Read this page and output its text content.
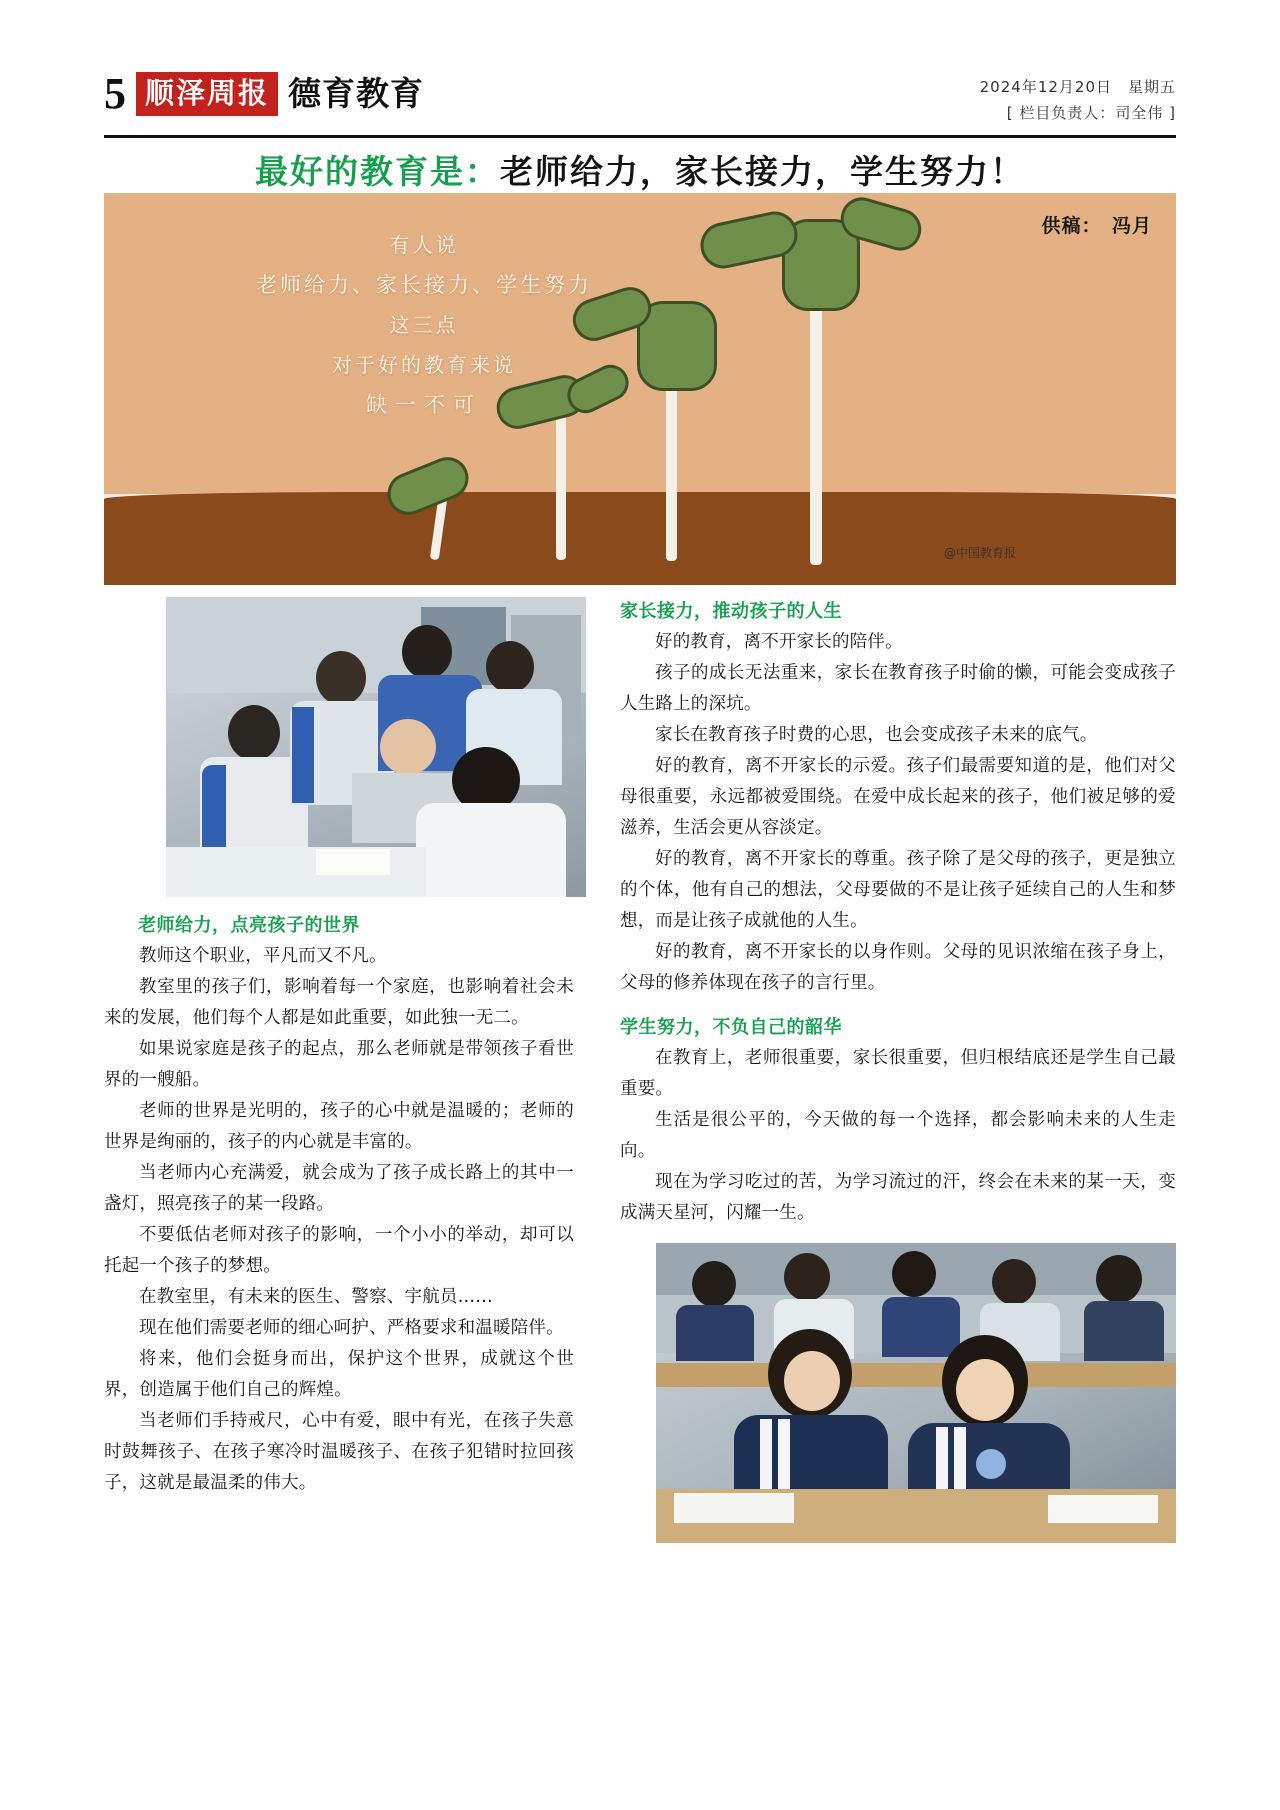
5 顺泽周报 德育教育	2024年12月20日　星期五
[ 栏目负责人：司全伟 ]
最好的教育是：老师给力，家长接力，学生努力！
有人说
老师给力、家长接力、学生努力
这三点
对于好的教育来说
缺一不可
供稿：　冯月
@中国教育报
老师给力，点亮孩子的世界

教师这个职业，平凡而又不凡。

教室里的孩子们，影响着每一个家庭，也影响着社会未来的发展，他们每个人都是如此重要，如此独一无二。

如果说家庭是孩子的起点，那么老师就是带领孩子看世界的一艘船。

老师的世界是光明的，孩子的心中就是温暖的；老师的世界是绚丽的，孩子的内心就是丰富的。

当老师内心充满爱，就会成为了孩子成长路上的其中一盏灯，照亮孩子的某一段路。

不要低估老师对孩子的影响，一个小小的举动，却可以托起一个孩子的梦想。

在教室里，有未来的医生、警察、宇航员……

现在他们需要老师的细心呵护、严格要求和温暖陪伴。

将来，他们会挺身而出，保护这个世界，成就这个世界，创造属于他们自己的辉煌。

当老师们手持戒尺，心中有爱，眼中有光，在孩子失意时鼓舞孩子、在孩子寒冷时温暖孩子、在孩子犯错时拉回孩子，这就是最温柔的伟大。

家长接力，推动孩子的人生

好的教育，离不开家长的陪伴。

孩子的成长无法重来，家长在教育孩子时偷的懒，可能会变成孩子人生路上的深坑。

家长在教育孩子时费的心思，也会变成孩子未来的底气。

好的教育，离不开家长的示爱。孩子们最需要知道的是，他们对父母很重要，永远都被爱围绕。在爱中成长起来的孩子，他们被足够的爱滋养，生活会更从容淡定。

好的教育，离不开家长的尊重。孩子除了是父母的孩子，更是独立的个体，他有自己的想法，父母要做的不是让孩子延续自己的人生和梦想，而是让孩子成就他的人生。

好的教育，离不开家长的以身作则。父母的见识浓缩在孩子身上，父母的修养体现在孩子的言行里。

学生努力，不负自己的韶华

在教育上，老师很重要，家长很重要，但归根结底还是学生自己最重要。

生活是很公平的，今天做的每一个选择，都会影响未来的人生走向。

现在为学习吃过的苦，为学习流过的汗，终会在未来的某一天，变成满天星河，闪耀一生。
